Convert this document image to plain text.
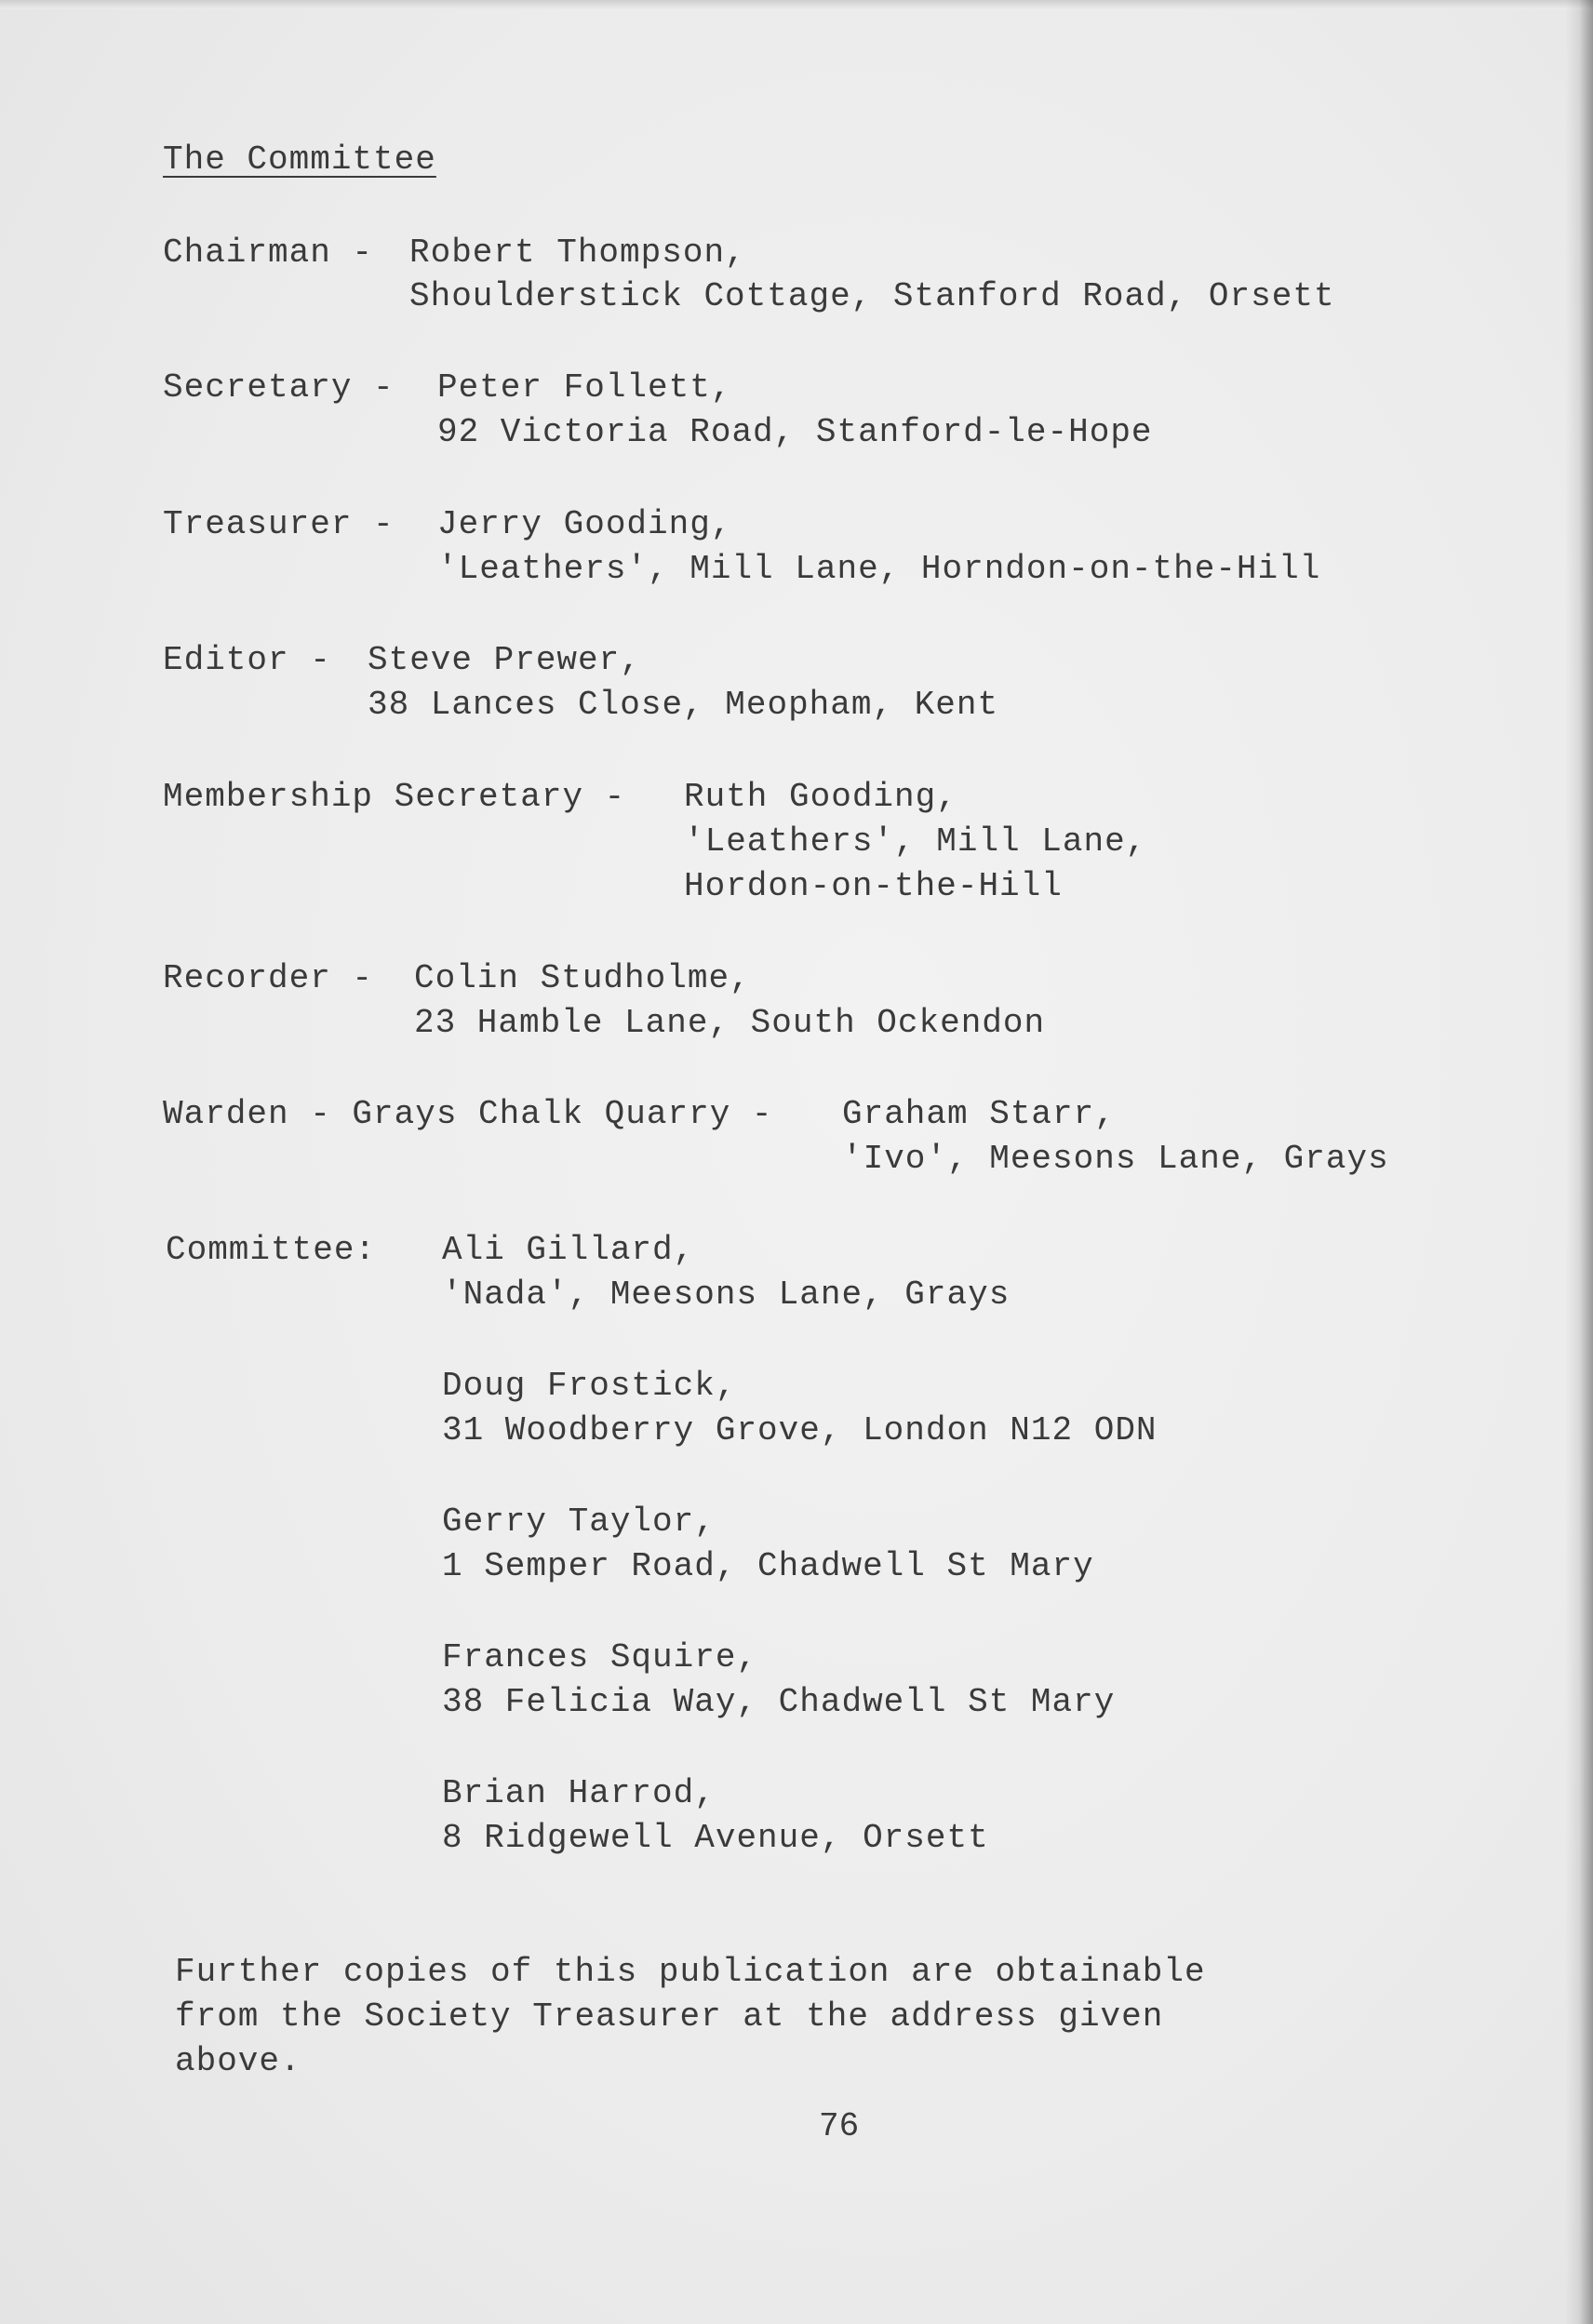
The Committee
Chairman - Robert Thompson,
Shoulderstick Cottage, Stanford Road, Orsett
Secretary - Peter Follett,
92 Victoria Road, Stanford-le-Hope
Treasurer - Jerry Gooding,
'Leathers', Mill Lane, Horndon-on-the-Hill
Editor - Steve Prewer,
38 Lances Close, Meopham, Kent
Membership Secretary - Ruth Gooding,
'Leathers', Mill Lane,
Hordon-on-the-Hill
Recorder - Colin Studholme,
23 Hamble Lane, South Ockendon
Warden - Grays Chalk Quarry - Graham Starr,
'Ivo', Meesons Lane, Grays
Committee: Ali Gillard,
'Nada', Meesons Lane, Grays
Doug Frostick,
31 Woodberry Grove, London N12 ODN
Gerry Taylor,
1 Semper Road, Chadwell St Mary
Frances Squire,
38 Felicia Way, Chadwell St Mary
Brian Harrod,
8 Ridgewell Avenue, Orsett
Further copies of this publication are obtainable
from the Society Treasurer at the address given
above.
76
